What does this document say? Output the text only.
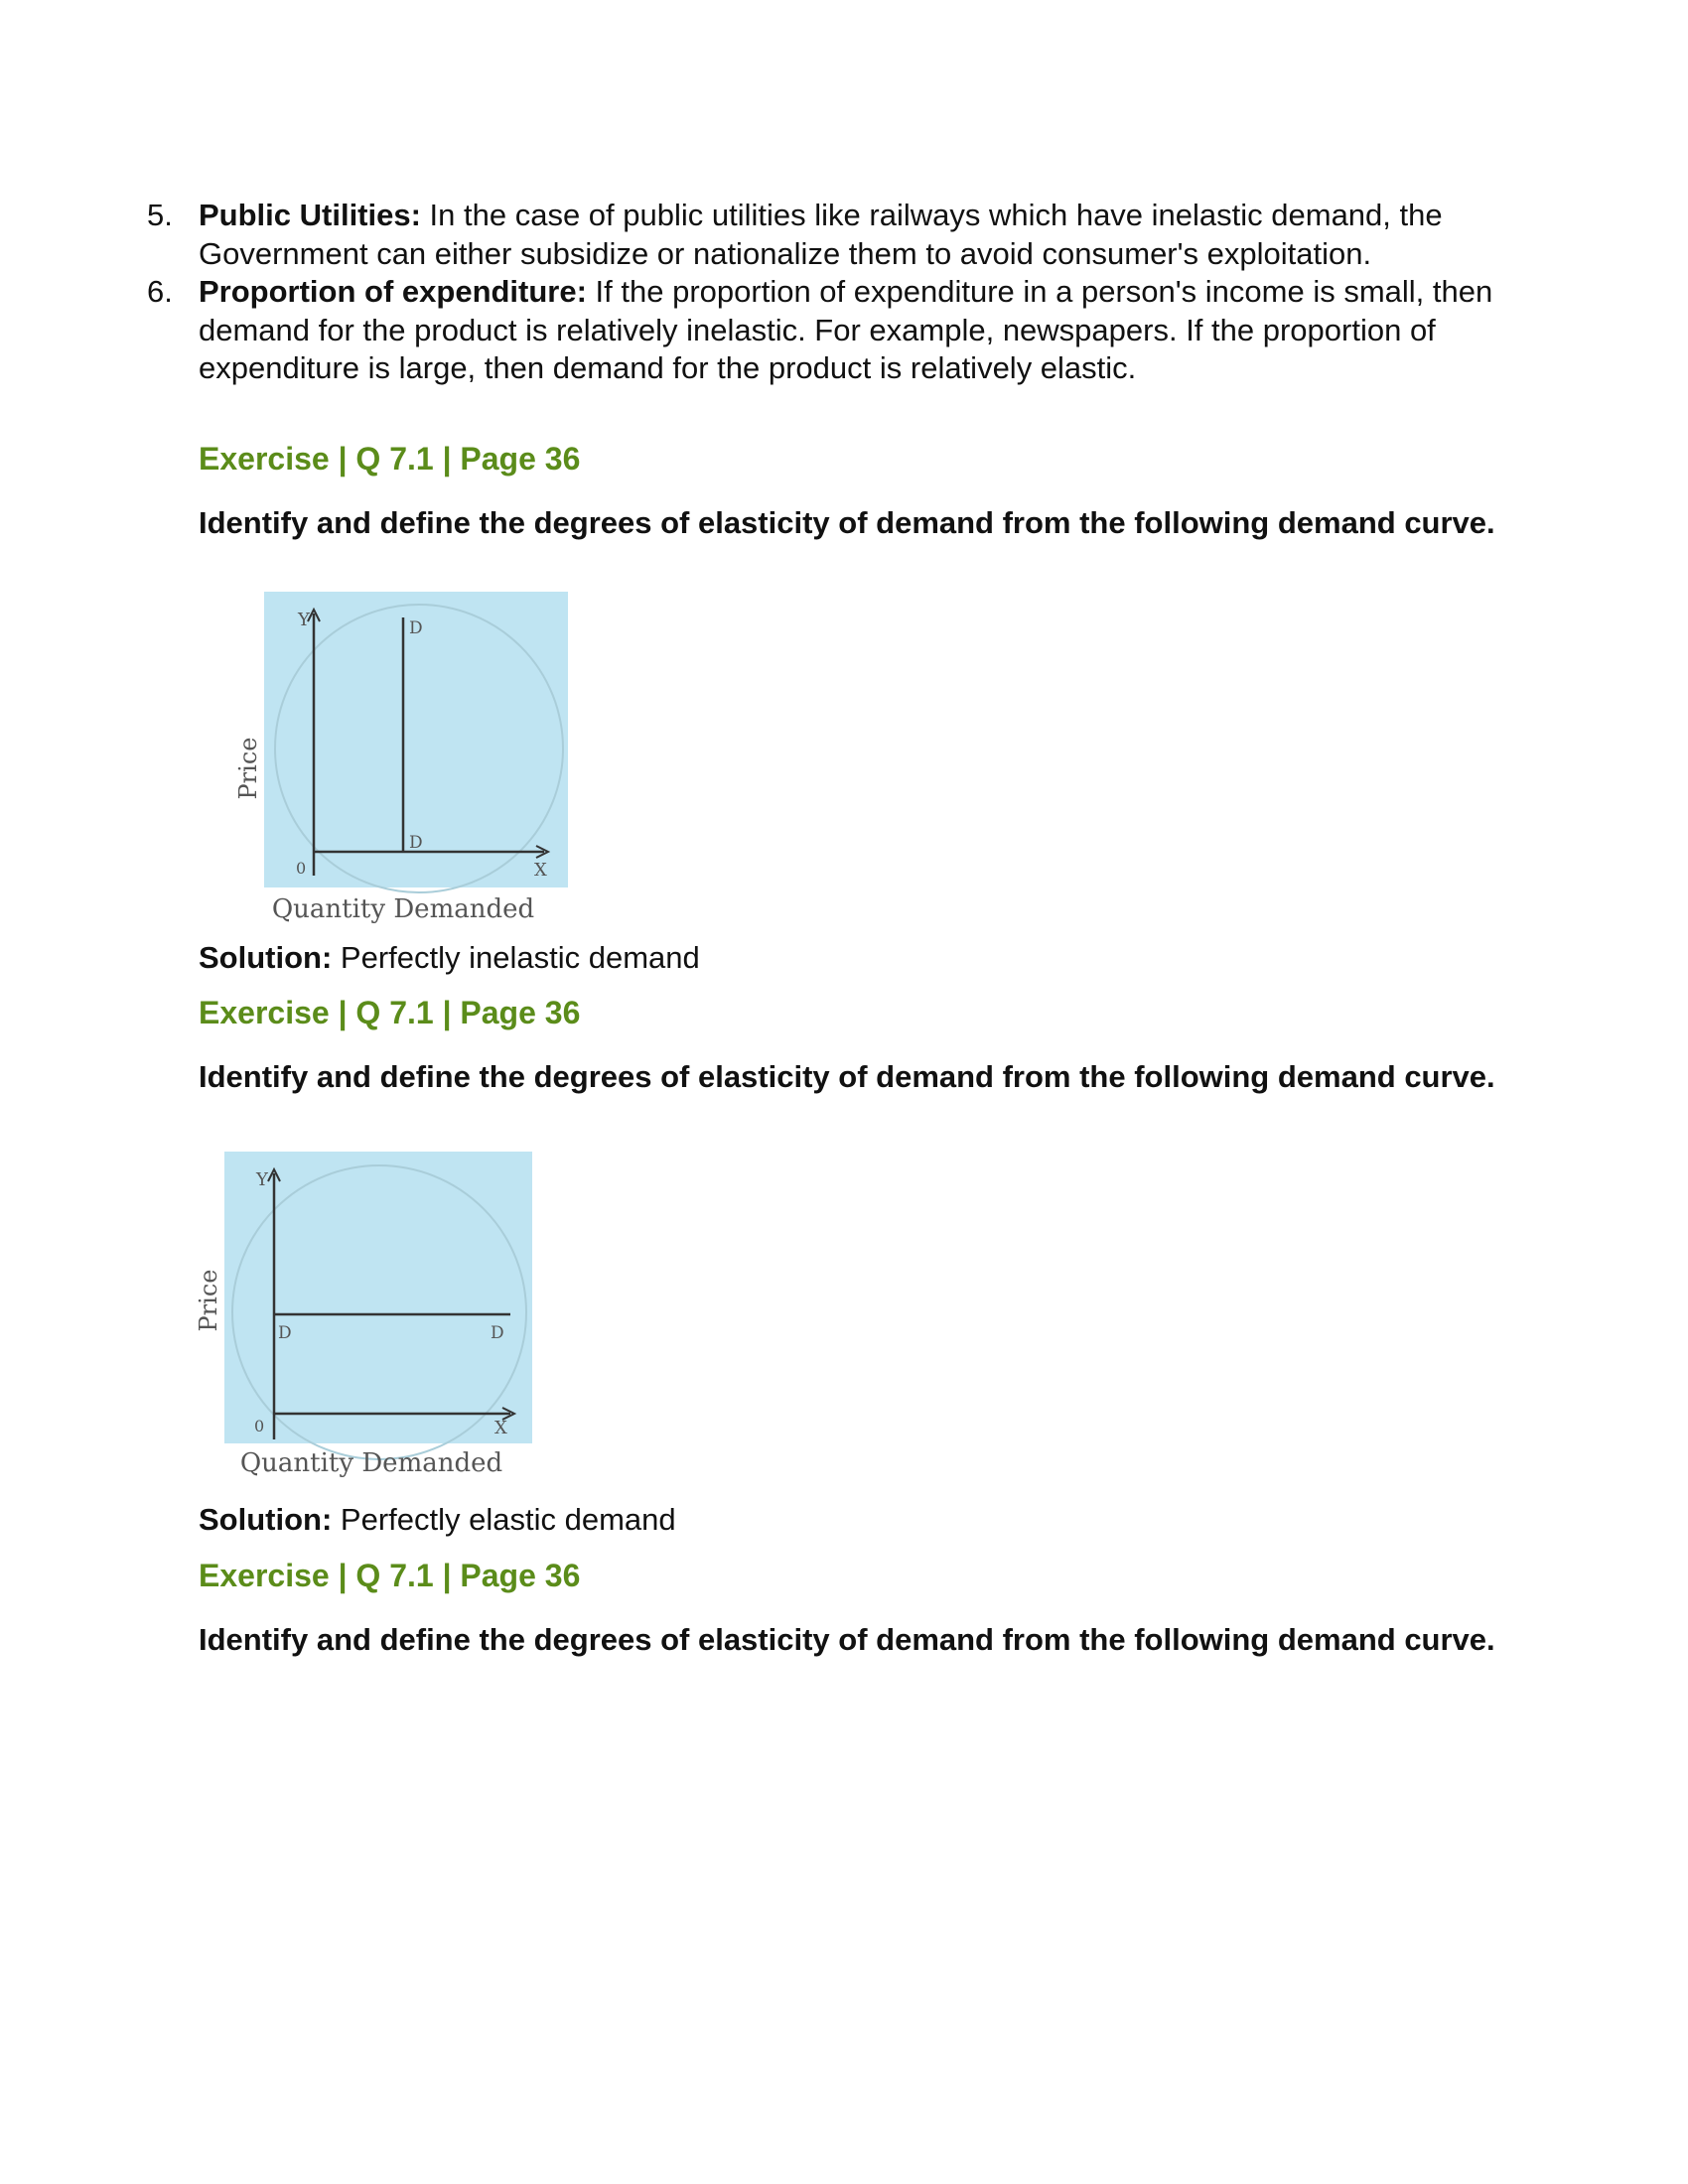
5. Public Utilities: In the case of public utilities like railways which have inelastic demand, the Government can either subsidize or nationalize them to avoid consumer's exploitation.
6. Proportion of expenditure: If the proportion of expenditure in a person's income is small, then demand for the product is relatively inelastic. For example, newspapers. If the proportion of expenditure is large, then demand for the product is relatively elastic.
Exercise | Q 7.1 | Page 36
Identify and define the degrees of elasticity of demand from the following demand curve.
Y	D
D
0	X
Price
Quantity Demanded
Solution: Perfectly inelastic demand
Exercise | Q 7.1 | Page 36
Identify and define the degrees of elasticity of demand from the following demand curve.
Y
D	D
0	X
Price
Quantity Demanded
Solution: Perfectly elastic demand
Exercise | Q 7.1 | Page 36
Identify and define the degrees of elasticity of demand from the following demand curve.
